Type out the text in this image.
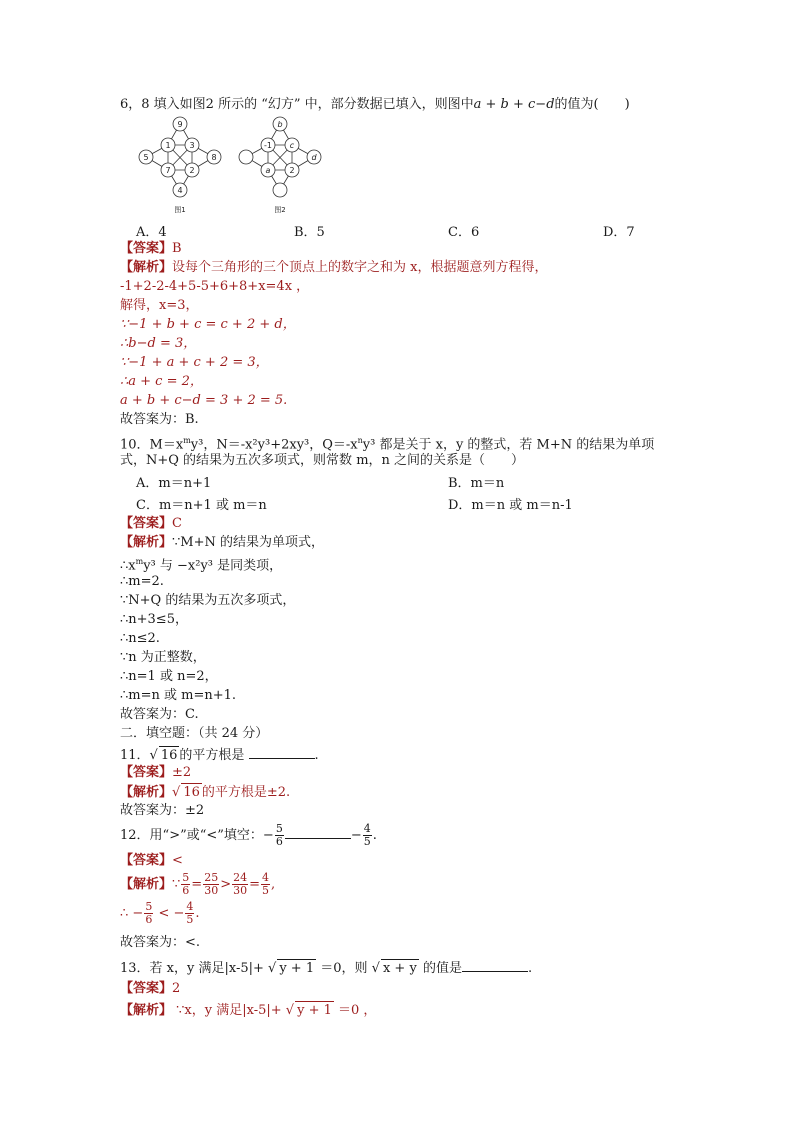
6，8 填入如图2 所示的 “幻方” 中，部分数据已填入，则图中a + b + c−d的值为(　　)
9
1 3
5	8
7 2
4
图1
b
-1 c
d
a 2
图2
A．4	B．5	C．6	D．7
【答案】B
【解析】设每个三角形的三个顶点上的数字之和为 x，根据题意列方程得，
-1+2-2-4+5-5+6+8+x=4x ，
解得，x=3，
∵−1 + b + c = c + 2 + d，
∴b−d = 3，
∵−1 + a + c + 2 = 3，
∴a + c = 2，
a + b + c−d = 3 + 2 = 5.
故答案为：B.
10．$M=x^my^3$，N＝-x²y³+2xy³，$Q=-x^ny^3$ 都是关于 x，y 的整式，若 M+N 的结果为单项
式，N+Q 的结果为五次多项式，则常数 m，n 之间的关系是（　　）
A．m＝n+1	B．m＝n
C．m＝n+1 或 m＝n	D．m＝n 或 m＝n-1
【答案】C
【解析】∵M+N 的结果为单项式，
$\therefore x^my^3$ 与 −x²y³ 是同类项，
∴m=2.
∵N+Q 的结果为五次多项式，
∴n+3≤5，
∴n≤2.
∵n 为正整数，
∴n=1 或 n=2，
∴m=n 或 m=n+1.
故答案为：C.
二．填空题：（共 24 分）
11．√ 16 的平方根是	.
【答案】±2
【解析】√ 16 的平方根是±2.
故答案为：±2
12．用“>”或“<”填空：− $\frac{5}{6}$	− $\frac{4}{5}$ .
【答案】<
【解析】∵ $\frac{5}{6} = \frac{25}{30} > \frac{24}{30} = \frac{4}{5}$ ,
∴ − $\frac{5}{6}$ < − $\frac{4}{5}$ .
故答案为：<.
13．若 x，y 满足|x-5|+ √ y + 1 ＝0，则 √ x + y 的值是	.
【答案】2
【解析】 ∵x，y 满足|x-5|+ √ y + 1 ＝0 ，
